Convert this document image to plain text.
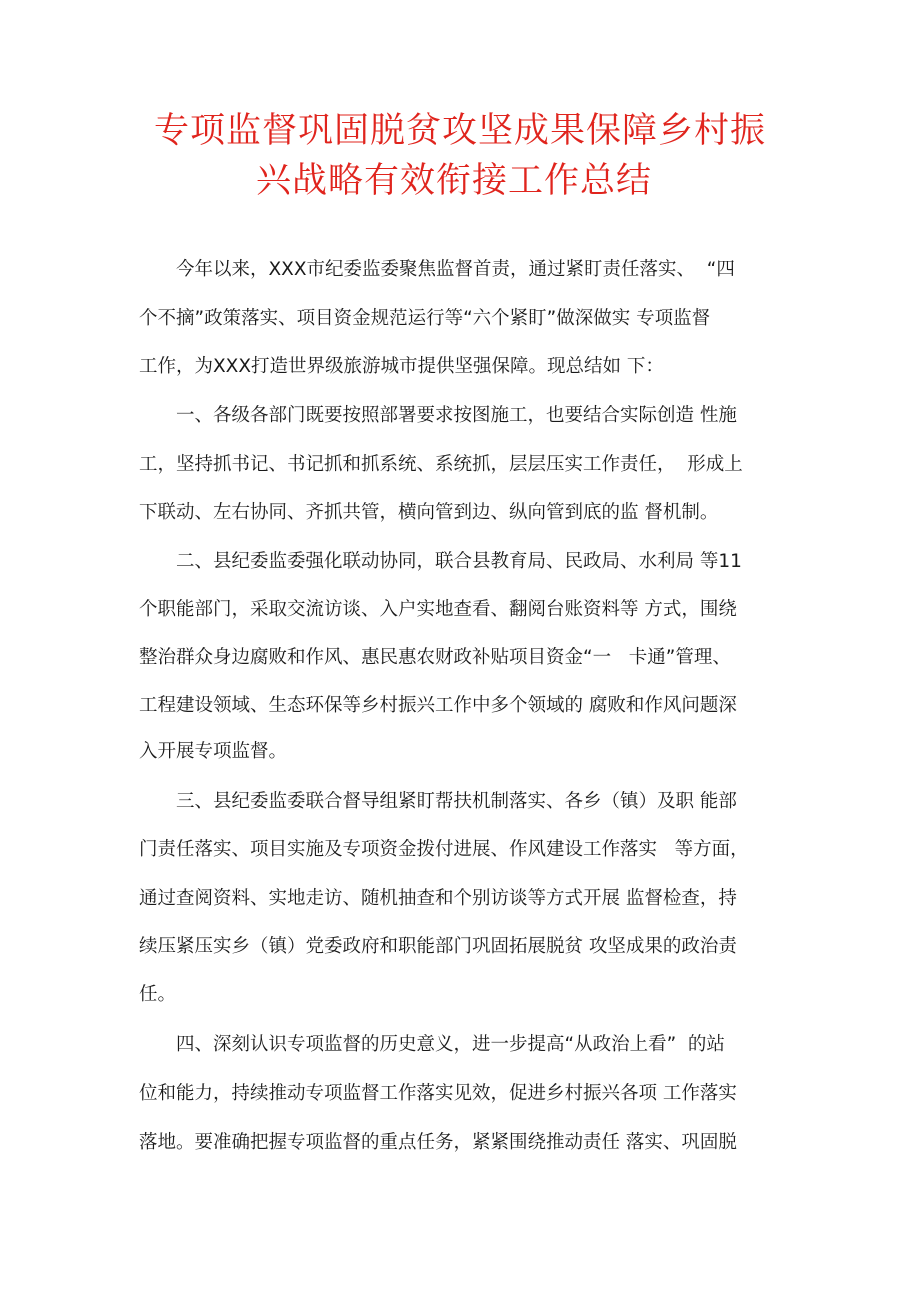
专项监督巩固脱贫攻坚成果保障乡村振
兴战略有效衔接工作总结
今年以来，XXX市纪委监委聚焦监督首责，通过紧盯责任落实、  “四
个不摘”政策落实、项目资金规范运行等“六个紧盯”做深做实 专项监督
工作，为XXX打造世界级旅游城市提供坚强保障。现总结如 下：
一、各级各部门既要按照部署要求按图施工，也要结合实际创造 性施
工，坚持抓书记、书记抓和抓系统、系统抓，层层压实工作责任，  形成上
下联动、左右协同、齐抓共管，横向管到边、纵向管到底的监 督机制。
二、县纪委监委强化联动协同，联合县教育局、民政局、水利局 等11
个职能部门，采取交流访谈、入户实地查看、翻阅台账资料等 方式，围绕
整治群众身边腐败和作风、惠民惠农财政补贴项目资金“一   卡通”管理、
工程建设领域、生态环保等乡村振兴工作中多个领域的 腐败和作风问题深
入开展专项监督。
三、县纪委监委联合督导组紧盯帮扶机制落实、各乡（镇）及职 能部
门责任落实、项目实施及专项资金拨付进展、作风建设工作落实   等方面，
通过查阅资料、实地走访、随机抽查和个别访谈等方式开展 监督检查，持
续压紧压实乡（镇）党委政府和职能部门巩固拓展脱贫 攻坚成果的政治责
任。
四、深刻认识专项监督的历史意义，进一步提高“从政治上看”  的站
位和能力，持续推动专项监督工作落实见效，促进乡村振兴各项 工作落实
落地。要准确把握专项监督的重点任务，紧紧围绕推动责任 落实、巩固脱
